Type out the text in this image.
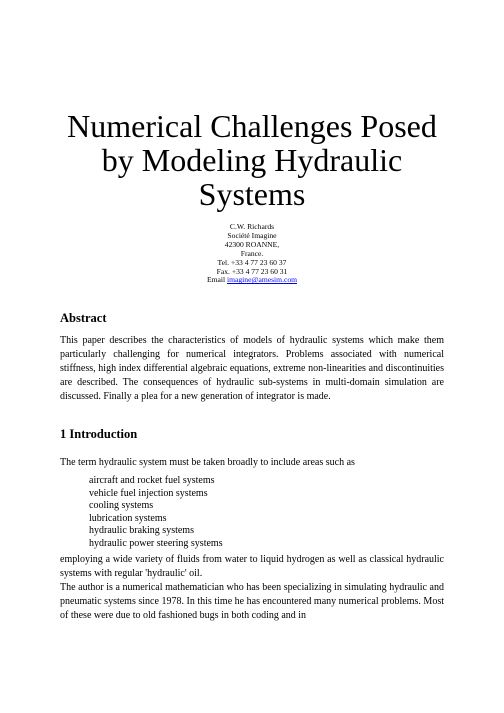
Numerical Challenges Posed
by Modeling Hydraulic
Systems
C.W. Richards
Société Imagine
42300 ROANNE,
France.
Tel. +33 4 77 23 60 37
Fax. +33 4 77 23 60 31
Email imagine@amesim.com
Abstract

This paper describes the characteristics of models of hydraulic systems which make them particularly challenging for numerical integrators. Problems associated with numerical stiffness, high index differential algebraic equations, extreme non-linearities and discontinuities are described. The consequences of hydraulic sub-systems in multi-domain simulation are discussed. Finally a plea for a new generation of integrator is made.

1 Introduction

The term hydraulic system must be taken broadly to include areas such as

aircraft and rocket fuel systems
vehicle fuel injection systems
cooling systems
lubrication systems
hydraulic braking systems
hydraulic power steering systems

employing a wide variety of fluids from water to liquid hydrogen as well as classical hydraulic systems with regular 'hydraulic' oil.

The author is a numerical mathematician who has been specializing in simulating hydraulic and pneumatic systems since 1978. In this time he has encountered many numerical problems. Most of these were due to old fashioned bugs in both coding and in
